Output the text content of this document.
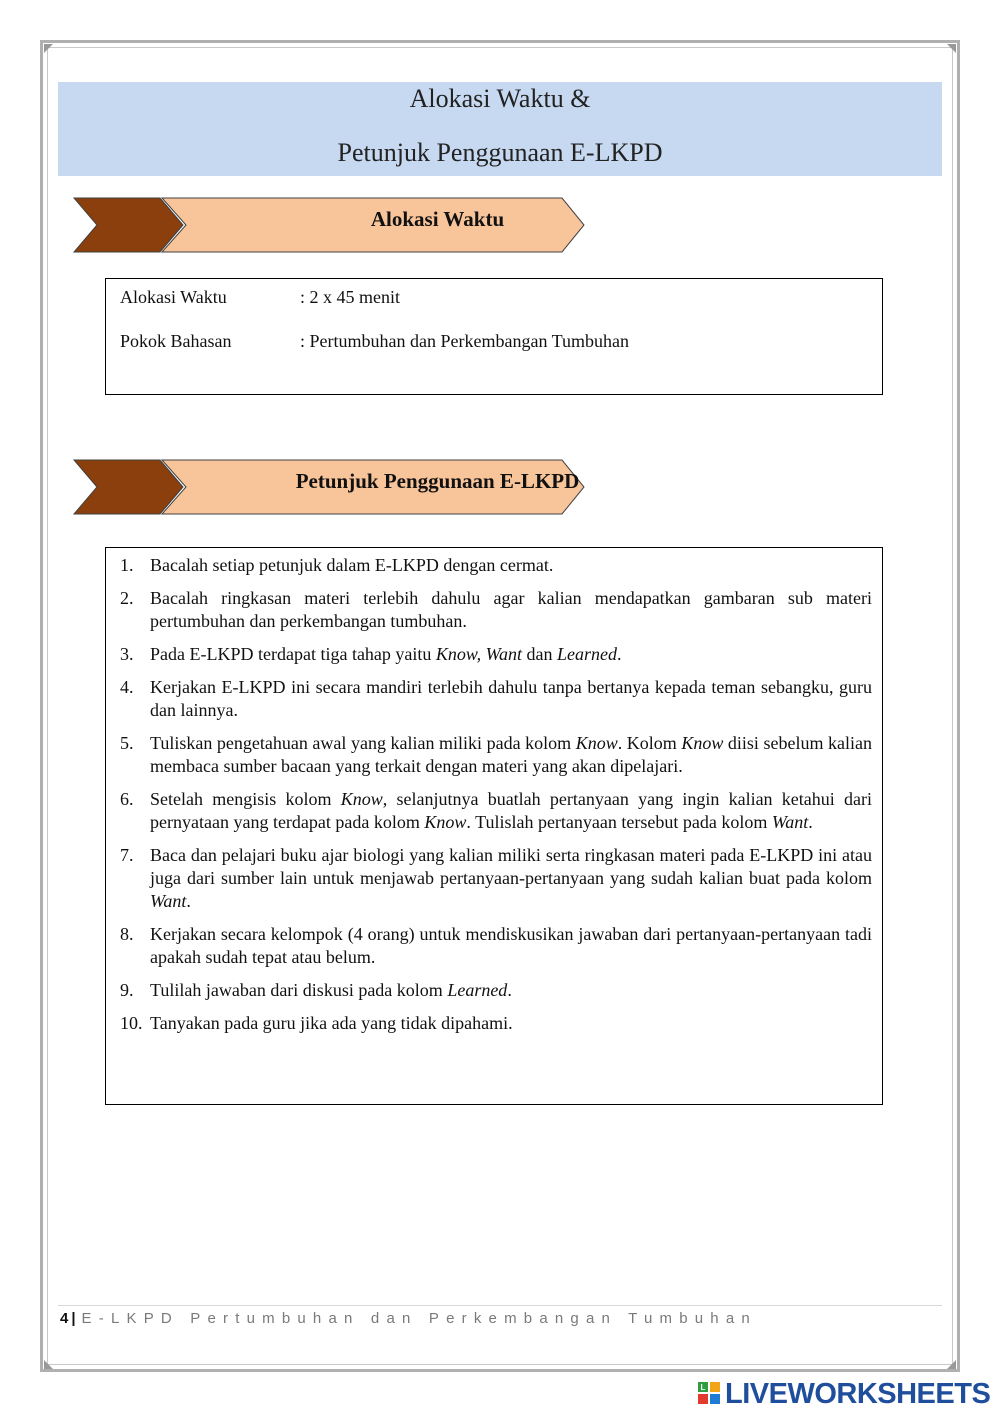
Alokasi Waktu &
Petunjuk Penggunaan E-LKPD
Alokasi Waktu
Alokasi Waktu	: 2 x 45 menit
Pokok Bahasan	: Pertumbuhan dan Perkembangan Tumbuhan
Petunjuk Penggunaan E-LKPD
1. Bacalah setiap petunjuk dalam E-LKPD dengan cermat.
2. Bacalah ringkasan materi terlebih dahulu agar kalian mendapatkan gambaran sub materi pertumbuhan dan perkembangan tumbuhan.
3. Pada E-LKPD terdapat tiga tahap yaitu Know, Want dan Learned.
4. Kerjakan E-LKPD ini secara mandiri terlebih dahulu tanpa bertanya kepada teman sebangku, guru dan lainnya.
5. Tuliskan pengetahuan awal yang kalian miliki pada kolom Know. Kolom Know diisi sebelum kalian membaca sumber bacaan yang terkait dengan materi yang akan dipelajari.
6. Setelah mengisis kolom Know, selanjutnya buatlah pertanyaan yang ingin kalian ketahui dari pernyataan yang terdapat pada kolom Know. Tulislah pertanyaan tersebut pada kolom Want.
7. Baca dan pelajari buku ajar biologi yang kalian miliki serta ringkasan materi pada E-LKPD ini atau juga dari sumber lain untuk menjawab pertanyaan-pertanyaan yang sudah kalian buat pada kolom Want.
8. Kerjakan secara kelompok (4 orang) untuk mendiskusikan jawaban dari pertanyaan-pertanyaan tadi apakah sudah tepat atau belum.
9. Tulilah jawaban dari diskusi pada kolom Learned.
10. Tanyakan pada guru jika ada yang tidak dipahami.
4 | E-LKPD Pertumbuhan dan Perkembangan Tumbuhan
L LIVEWORKSHEETS
